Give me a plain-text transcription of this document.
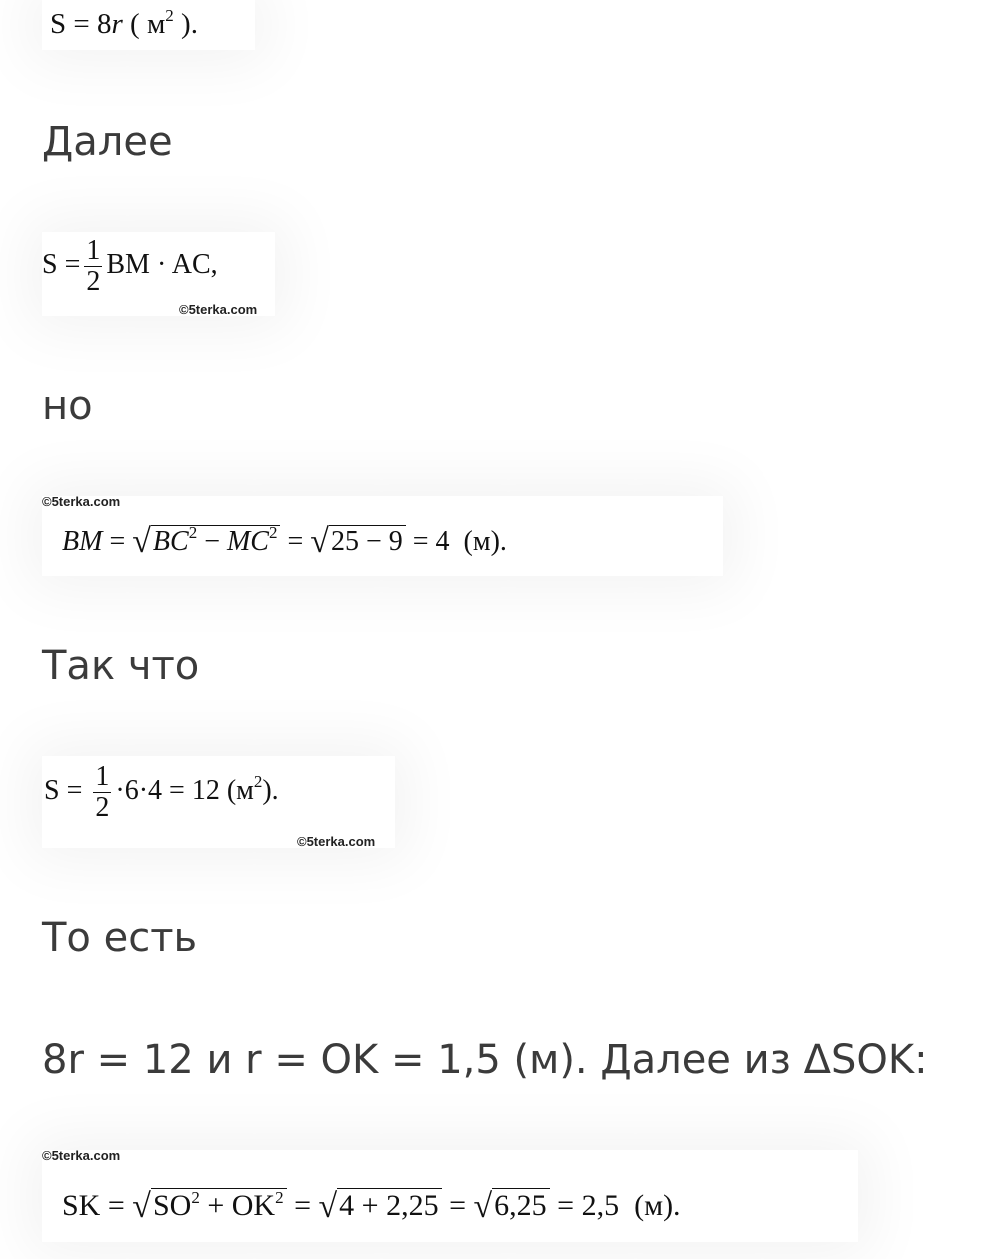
S = 8r ( $м^2$ ).
Далее
$S = \frac{1}{2}$ BM · AC,
©5terka.com
но
©5terka.com
BM = $√BC^2 - MC^2 = √25 - 9 = 4$  (м).
Так что
$S = \frac{1}{2} \cdot 6\cdot 4 = 12$ $(м^2)$.
©5terka.com
То есть
8r = 12 и r = OK = 1,5 (м). Далее из ΔSOK:
©5terka.com
SK = $√SO^2 + OK^2 = √4 + 2,25 = √6,25 = 2,5$  (м).
